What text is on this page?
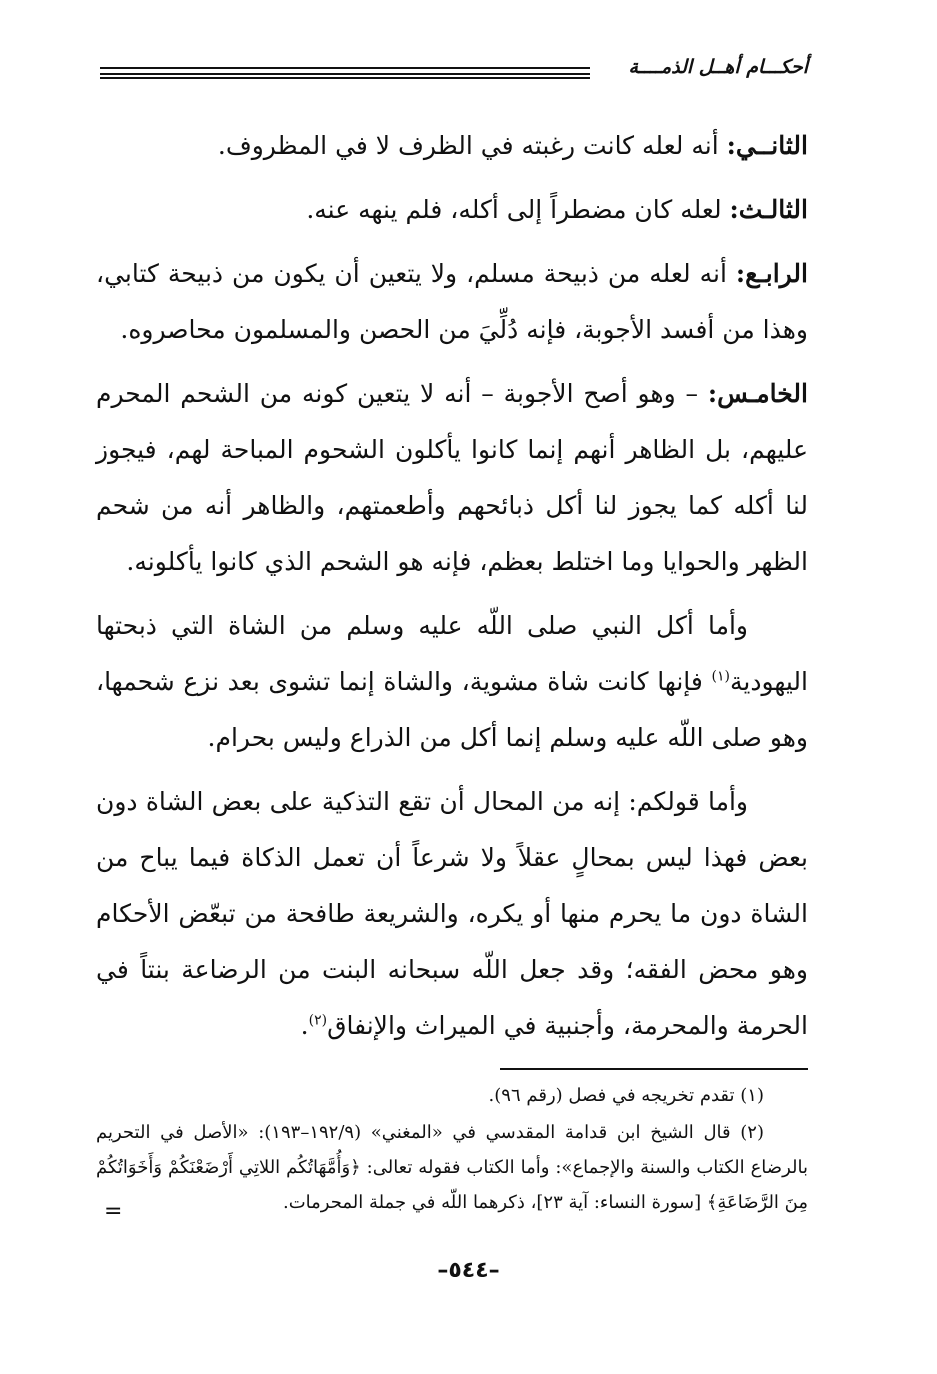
أحكـــام أهــل الذمــــة

الثانــي: أنه لعله كانت رغبته في الظرف لا في المظروف.

الثالـث: لعله كان مضطراً إلى أكله، فلم ينهه عنه.

الرابـع: أنه لعله من ذبيحة مسلم، ولا يتعين أن يكون من ذبيحة كتابي، وهذا من أفسد الأجوبة، فإنه دُلِّيَ من الحصن والمسلمون محاصروه.

الخامـس: – وهو أصح الأجوبة – أنه لا يتعين كونه من الشحم المحرم عليهم، بل الظاهر أنهم إنما كانوا يأكلون الشحوم المباحة لهم، فيجوز لنا أكله كما يجوز لنا أكل ذبائحهم وأطعمتهم، والظاهر أنه من شحم الظهر والحوايا وما اختلط بعظم، فإنه هو الشحم الذي كانوا يأكلونه.

وأما أكل النبي صلى اللّه عليه وسلم من الشاة التي ذبحتها اليهودية$^{(١)}$ فإنها كانت شاة مشوية، والشاة إنما تشوى بعد نزع شحمها، وهو صلى اللّه عليه وسلم إنما أكل من الذراع وليس بحرام.

وأما قولكم: إنه من المحال أن تقع التذكية على بعض الشاة دون بعض فهذا ليس بمحالٍ عقلاً ولا شرعاً أن تعمل الذكاة فيما يباح من الشاة دون ما يحرم منها أو يكره، والشريعة طافحة من تبعّض الأحكام وهو محض الفقه؛ وقد جعل اللّه سبحانه البنت من الرضاعة بنتاً في الحرمة والمحرمة، وأجنبية في الميراث والإنفاق$^{(٢)}$.

(١) تقدم تخريجه في فصل (رقم ٩٦).

(٢) قال الشيخ ابن قدامة المقدسي في «المغني» (١٩٢/٩–١٩٣): «الأصل في التحريم بالرضاع الكتاب والسنة والإجماع»: وأما الكتاب فقوله تعالى: ﴿وَأُمَّهَاتُكُم اللاتِي أَرْضَعْنَكُمْ وَأَخَوَاتُكُمْ مِنَ الرَّضَاعَةِ﴾ [سورة النساء: آية ٢٣]، ذكرهما اللّه في جملة المحرمات.

=
–٥٤٤–
